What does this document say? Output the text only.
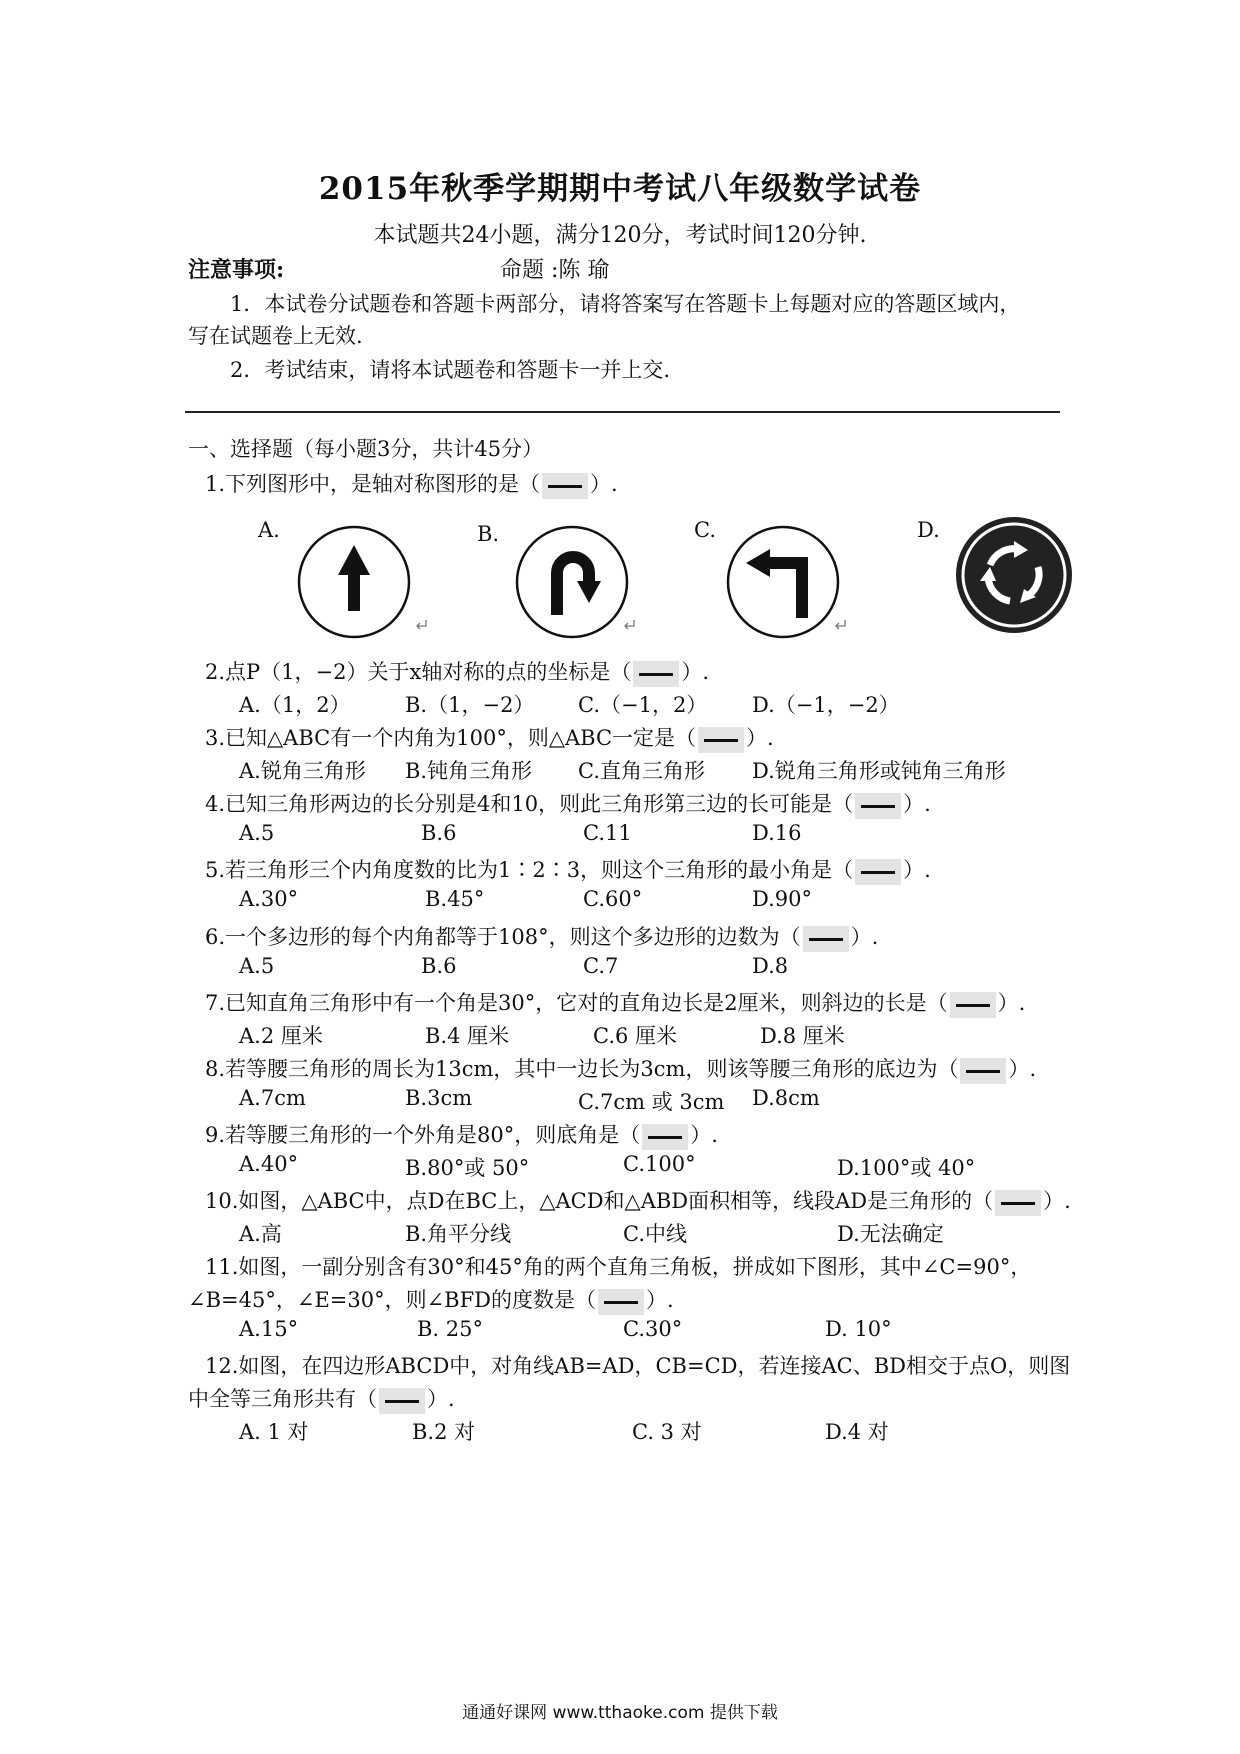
2015年秋季学期期中考试八年级数学试卷
本试题共24小题，满分120分，考试时间120分钟.
注意事项:	命题 :陈 瑜
1．本试卷分试题卷和答题卡两部分，请将答案写在答题卡上每题对应的答题区域内，
写在试题卷上无效.
2．考试结束，请将本试题卷和答题卡一并上交.
一、选择题（每小题3分，共计45分）
1.下列图形中，是轴对称图形的是（ ）.
A.	B.	C.	D.
2.点P（1，−2）关于x轴对称的点的坐标是（ ）.
A.（1，2）	B.（1，−2） C.（−1，2） D.（−1，−2）
3.已知△ABC有一个内角为100°，则△ABC一定是（ ）.
A.锐角三角形 B.钝角三角形 C.直角三角形 D.锐角三角形或钝角三角形
4.已知三角形两边的长分别是4和10，则此三角形第三边的长可能是（ ）.
A.5	B.6	C.11	D.16
5.若三角形三个内角度数的比为1∶2∶3，则这个三角形的最小角是（ ）.
A.30°	B.45°	C.60°	D.90°
6.一个多边形的每个内角都等于108°，则这个多边形的边数为（ ）.
A.5	B.6	C.7	D.8
7.已知直角三角形中有一个角是30°，它对的直角边长是2厘米，则斜边的长是（ ）.
A.2 厘米	B.4 厘米	C.6 厘米	D.8 厘米
8.若等腰三角形的周长为13cm，其中一边长为3cm，则该等腰三角形的底边为（ ）.
A.7cm	B.3cm	C.7cm 或 3cm D.8cm
9.若等腰三角形的一个外角是80°，则底角是（ ）.
A.40°	B.80°或 50°	C.100°	D.100°或 40°
10.如图，△ABC中，点D在BC上，△ACD和△ABD面积相等，线段AD是三角形的（ ）.
A.高	B.角平分线	C.中线	D.无法确定
11.如图，一副分别含有30°和45°角的两个直角三角板，拼成如下图形，其中∠C=90°，
∠B=45°，∠E=30°，则∠BFD的度数是（ ）.
A.15°	B. 25°	C.30°	D. 10°
12.如图，在四边形ABCD中，对角线AB=AD，CB=CD，若连接AC、BD相交于点O，则图
中全等三角形共有（ ）.
A. 1 对	B.2 对	C. 3 对	D.4 对
通通好课网 www.tthaoke.com 提供下载
